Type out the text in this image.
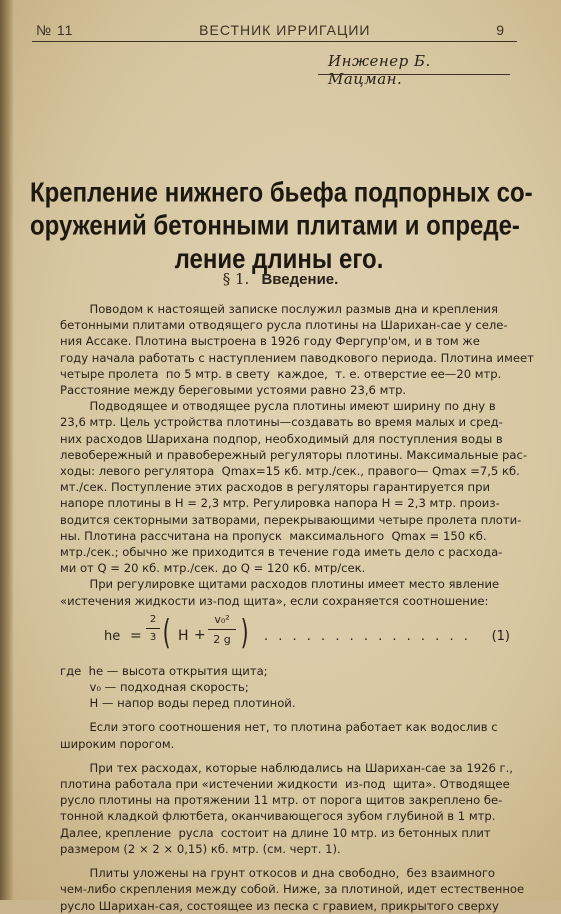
№ 11	ВЕСТНИК ИРРИГАЦИИ	9
Инженер Б. Мацман.
Крепление нижнего бьефа подпорных со-
оружений бетонными плитами и опреде-
ление длины его.
§ 1. Введение.
Поводом к настоящей записке послужил размыв дна и крепления
бетонными плитами отводящего русла плотины на Шарихан-сае у селе-
ния Ассаке. Плотина выстроена в 1926 году Фергупр'ом, и в том же
году начала работать с наступлением паводкового периода. Плотина имеет
четыре пролета  по 5 мтр. в свету  каждое,  т. е. отверстие ее—20 мтр.
Расстояние между береговыми устоями равно 23,6 мтр.
Подводящее и отводящее русла плотины имеют ширину по дну в
23,6 мтр. Цель устройства плотины—создавать во время малых и сред-
них расходов Шарихана подпор, необходимый для поступления воды в
левобережный и правобережный регуляторы плотины. Максимальные рас-
ходы: левого регулятора  Qmax=15 кб. мтр./сек., правого— Qmax =7,5 кб.
мт./сек. Поступление этих расходов в регуляторы гарантируется при
напоре плотины в H = 2,3 мтр. Регулировка напора H = 2,3 мтр. произ-
водится секторными затворами, перекрывающими четыре пролета плоти-
ны. Плотина рассчитана на пропуск  максимального  Qmax = 150 кб.
мтр./сек.; обычно же приходится в течение года иметь дело с расхода-
ми от Q = 20 кб. мтр./сек. до Q = 120 кб. мтр/сек.
При регулировке щитами расходов плотины имеет место явление
«истечения жидкости из-под щита», если сохраняется соотношение:
he =
2
3 ( H +
v₀²
2 g ) . . . . . . . . . . . . . . . (1)
где  he — высота открытия щита;
v₀ — подходная скорость;
H — напор воды перед плотиной.
Если этого соотношения нет, то плотина работает как водослив с
широким порогом.
При тех расходах, которые наблюдались на Шарихан-сае за 1926 г.,
плотина работала при «истечении жидкости  из-под  щита». Отводящее
русло плотины на протяжении 11 мтр. от порога щитов закреплено бе-
тонной кладкой флютбета, оканчивающегося зубом глубиной в 1 мтр.
Далее, крепление  русла  состоит на длине 10 мтр. из бетонных плит
размером (2 × 2 × 0,15) кб. мтр. (см. черт. 1).
Плиты уложены на грунт откосов и дна свободно,  без взаимного
чем-либо скрепления между собой. Ниже, за плотиной, идет естественное
русло Шарихан-сая, состоящее из песка с гравием, прикрытого сверху
